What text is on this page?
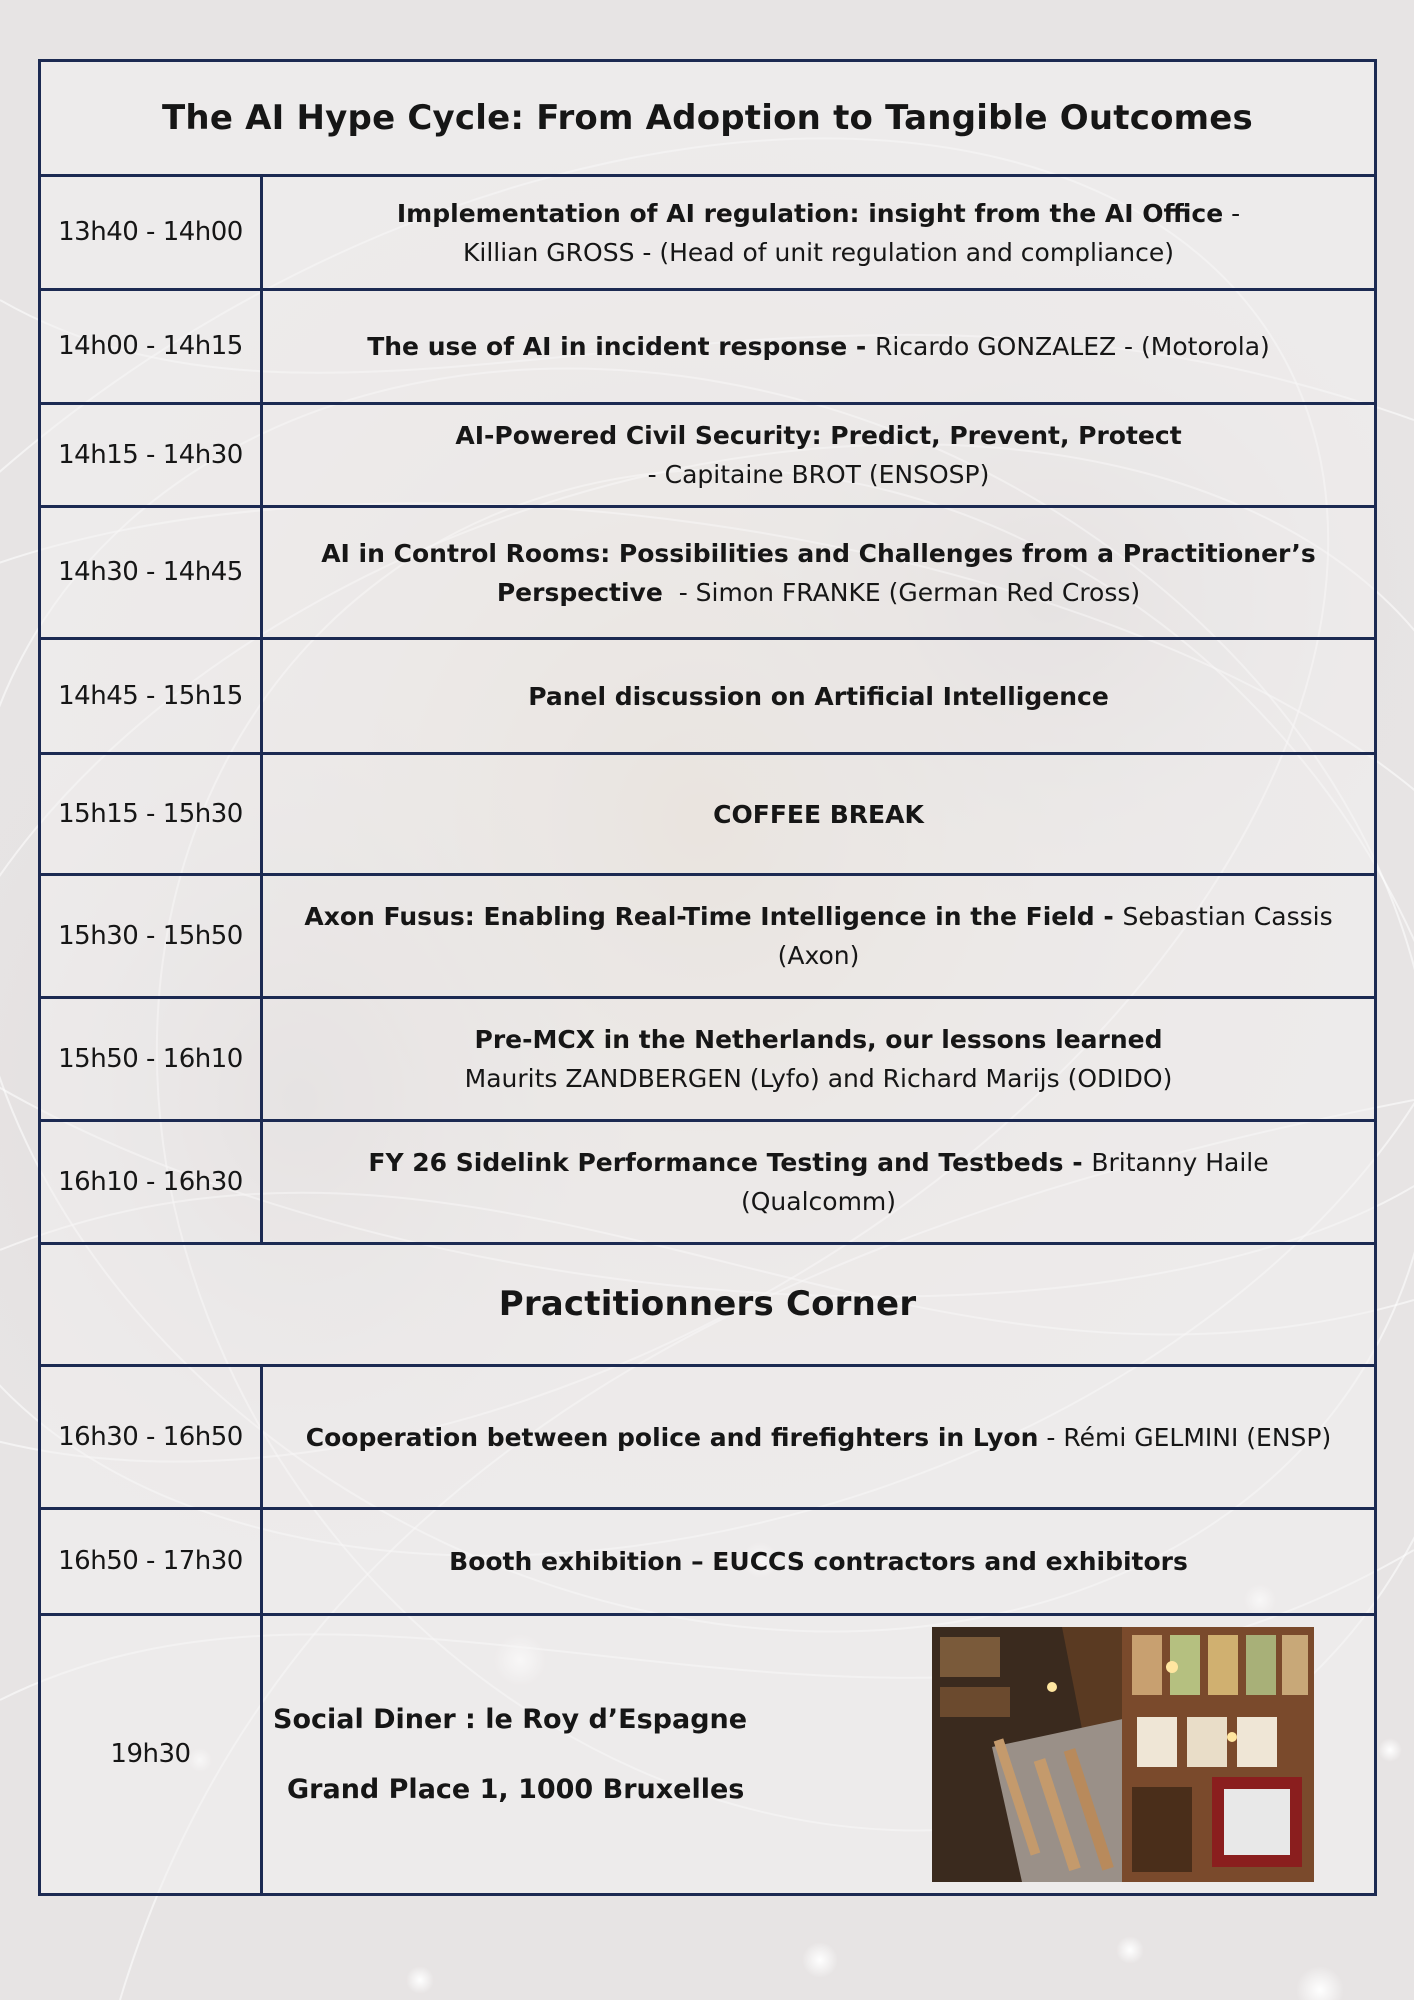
The AI Hype Cycle: From Adoption to Tangible Outcomes	
13h40 - 14h00	Implementation of AI regulation: insight from the AI Office -
Killian GROSS - (Head of unit regulation and compliance)
14h00 - 14h15	The use of AI in incident response - Ricardo GONZALEZ - (Motorola)
14h15 - 14h30	AI-Powered Civil Security: Predict, Prevent, Protect
- Capitaine BROT (ENSOSP)
14h30 - 14h45	AI in Control Rooms: Possibilities and Challenges from a Practitioner’s Perspective  - Simon FRANKE (German Red Cross)
14h45 - 15h15	Panel discussion on Artificial Intelligence
15h15 - 15h30	COFFEE BREAK
15h30 - 15h50	Axon Fusus: Enabling Real-Time Intelligence in the Field - Sebastian Cassis (Axon)
15h50 - 16h10	Pre-MCX in the Netherlands, our lessons learned
Maurits ZANDBERGEN (Lyfo) and Richard Marijs (ODIDO)
16h10 - 16h30	FY 26 Sidelink Performance Testing and Testbeds - Britanny Haile (Qualcomm)
Practitionners Corner	
16h30 - 16h50	Cooperation between police and firefighters in Lyon - Rémi GELMINI (ENSP)
16h50 - 17h30	Booth exhibition – EUCCS contractors and exhibitors
19h30	Social Diner : le Roy d’Espagne
Grand Place 1, 1000 Bruxelles
